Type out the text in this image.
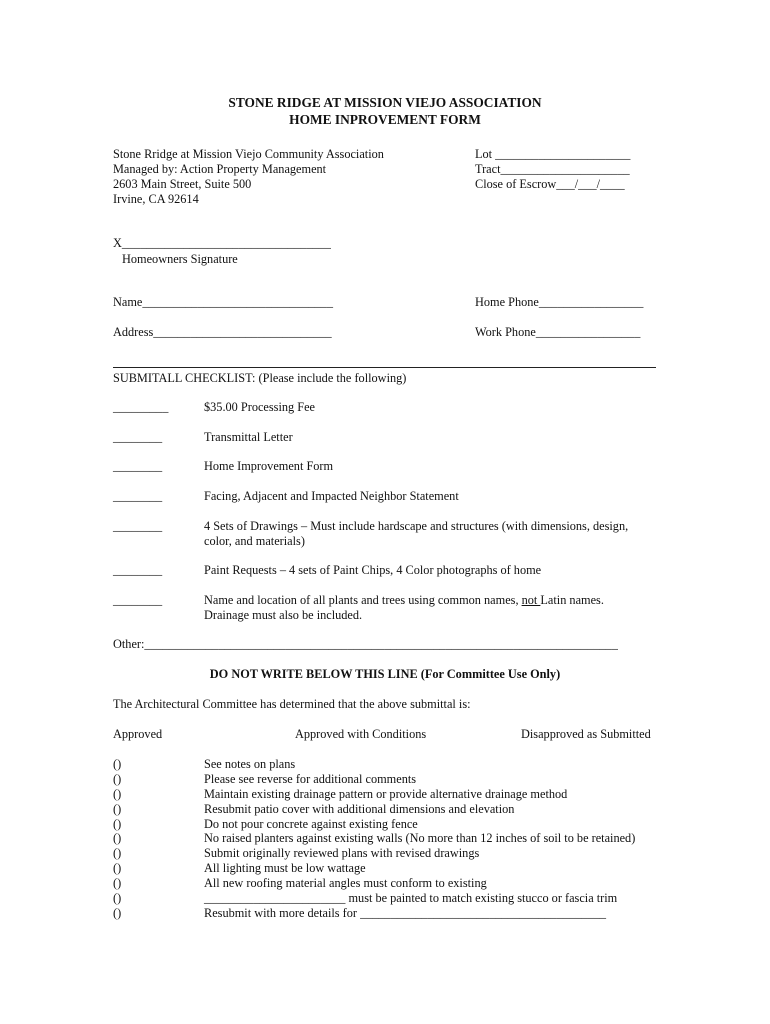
STONE RIDGE AT MISSION VIEJO ASSOCIATION
HOME INPROVEMENT FORM
Stone Rridge at Mission Viejo Community Association
Managed by: Action Property Management
2603 Main Street, Suite 500
Irvine, CA 92614
Lot ______________________
Tract_____________________
Close of Escrow___/___/____
X__________________________________
Homeowners Signature
Name_______________________________	Home Phone_________________
Address_____________________________	Work Phone_________________
SUBMITALL CHECKLIST: (Please include the following)
_________	$35.00 Processing Fee
________	Transmittal Letter
________	Home Improvement Form
________	Facing, Adjacent and Impacted Neighbor Statement
________	4 Sets of Drawings – Must include hardscape and structures (with dimensions, design,
color, and materials)
________	Paint Requests – 4 sets of Paint Chips, 4 Color photographs of home
________	Name and location of all plants and trees using common names, not Latin names.
Drainage must also be included.
Other:_____________________________________________________________________________
DO NOT WRITE BELOW THIS LINE (For Committee Use Only)
The Architectural Committee has determined that the above submittal is:
Approved	Approved with Conditions	Disapproved as Submitted
()	See notes on plans
()	Please see reverse for additional comments
()	Maintain existing drainage pattern or provide alternative drainage method
()	Resubmit patio cover with additional dimensions and elevation
()	Do not pour concrete against existing fence
()	No raised planters against existing walls (No more than 12 inches of soil to be retained)
()	Submit originally reviewed plans with revised drawings
()	All lighting must be low wattage
()	All new roofing material angles must conform to existing
()	_______________________ must be painted to match existing stucco or fascia trim
()	Resubmit with more details for ________________________________________
